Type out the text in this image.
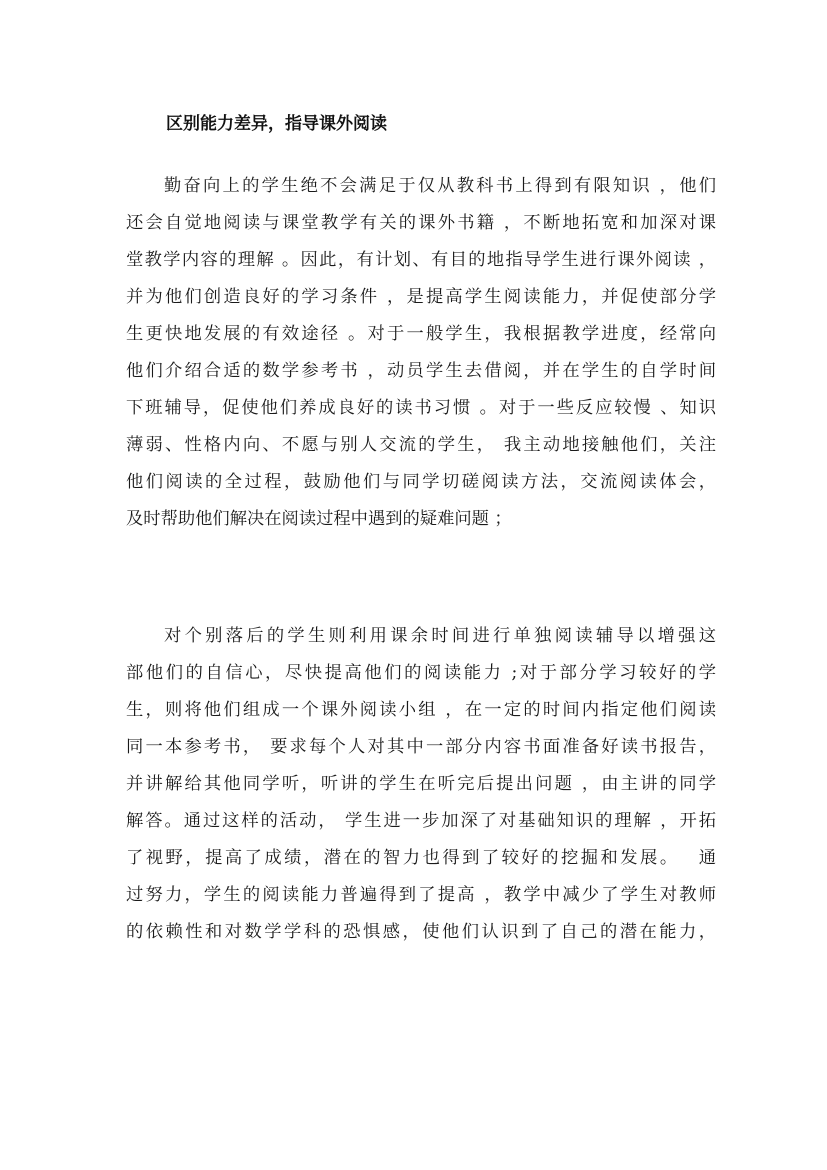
区别能力差异，指导课外阅读
勤奋向上的学生绝不会满足于仅从教科书上得到有限知识 ，他们
还会自觉地阅读与课堂教学有关的课外书籍 ，不断地拓宽和加深对课
堂教学内容的理解 。因此，有计划、有目的地指导学生进行课外阅读 ，
并为他们创造良好的学习条件 ，是提高学生阅读能力，并促使部分学
生更快地发展的有效途径 。对于一般学生，我根据教学进度，经常向
他们介绍合适的数学参考书 ，动员学生去借阅，并在学生的自学时间
下班辅导，促使他们养成良好的读书习惯 。对于一些反应较慢 、知识
薄弱、性格内向、不愿与别人交流的学生， 我主动地接触他们，关注
他们阅读的全过程，鼓励他们与同学切磋阅读方法，交流阅读体会，
及时帮助他们解决在阅读过程中遇到的疑难问题 ；
对个别落后的学生则利用课余时间进行单独阅读辅导以增强这
部他们的自信心，尽快提高他们的阅读能力 ;对于部分学习较好的学
生，则将他们组成一个课外阅读小组 ，在一定的时间内指定他们阅读
同一本参考书， 要求每个人对其中一部分内容书面准备好读书报告，
并讲解给其他同学听，听讲的学生在听完后提出问题 ，由主讲的同学
解答。通过这样的活动， 学生进一步加深了对基础知识的理解 ，开拓
了视野，提高了成绩，潜在的智力也得到了较好的挖掘和发展。　 通
过努力，学生的阅读能力普遍得到了提高 ，教学中减少了学生对教师
的依赖性和对数学学科的恐惧感，使他们认识到了自己的潜在能力，
